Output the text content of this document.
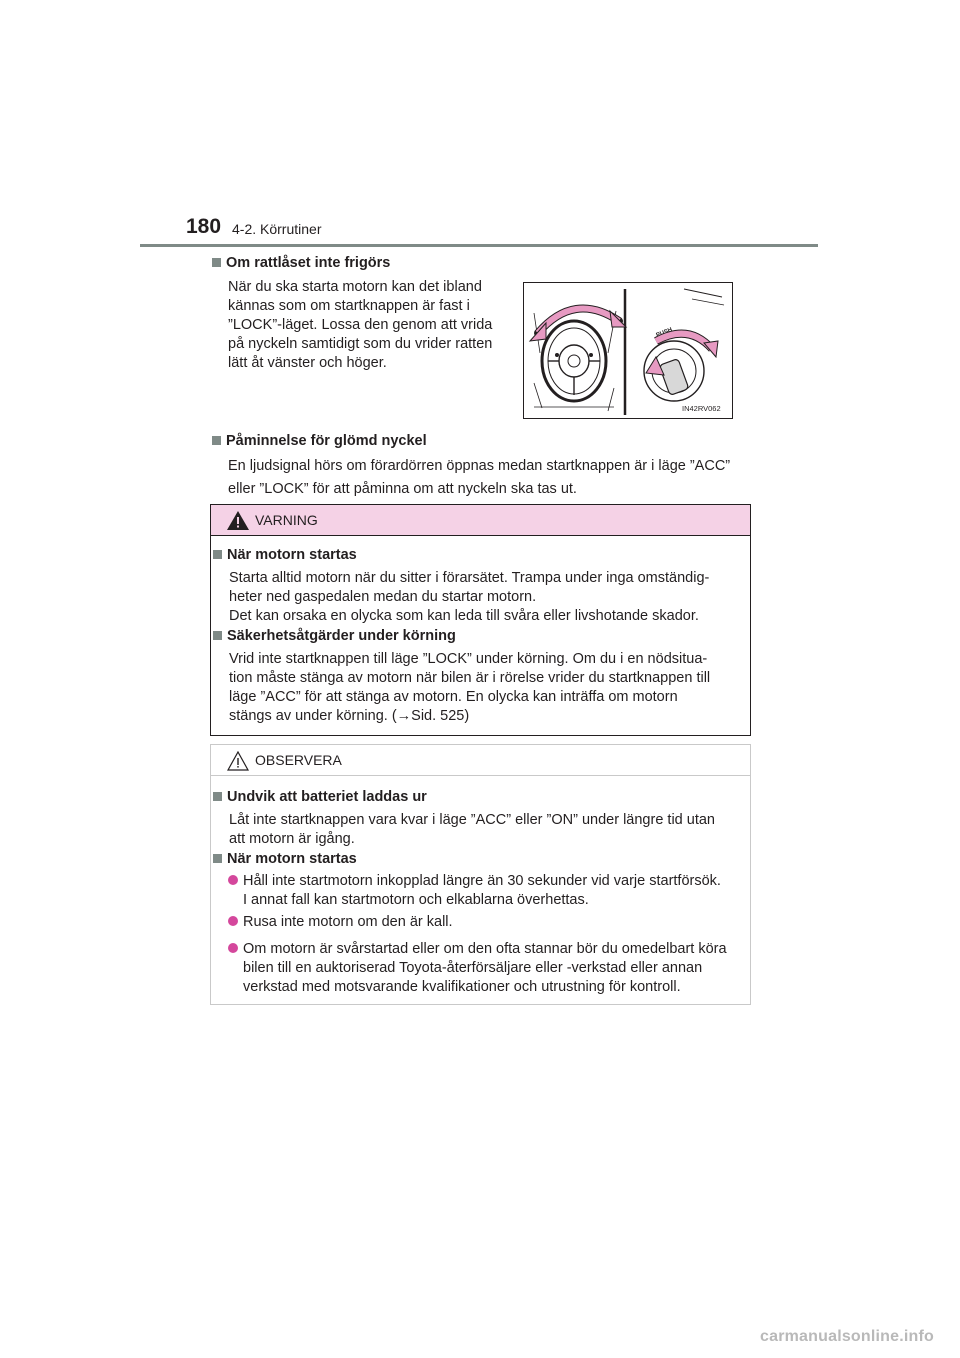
180 4-2. Körrutiner
Om rattlåset inte frigörs
När du ska starta motorn kan det ibland
kännas som om startknappen är fast i
”LOCK”-läget. Lossa den genom att vrida
på nyckeln samtidigt som du vrider ratten
lätt åt vänster och höger.
PUSH
IN42RV062
Påminnelse för glömd nyckel
En ljudsignal hörs om förardörren öppnas medan startknappen är i läge ”ACC”
eller ”LOCK” för att påminna om att nyckeln ska tas ut.
VARNING
När motorn startas
Starta alltid motorn när du sitter i förarsätet. Trampa under inga omständig-
heter ned gaspedalen medan du startar motorn.
Det kan orsaka en olycka som kan leda till svåra eller livshotande skador.
Säkerhetsåtgärder under körning
Vrid inte startknappen till läge ”LOCK” under körning. Om du i en nödsitua-
tion måste stänga av motorn när bilen är i rörelse vrider du startknappen till
läge ”ACC” för att stänga av motorn. En olycka kan inträffa om motorn
stängs av under körning. (→Sid. 525)
OBSERVERA
Undvik att batteriet laddas ur
Låt inte startknappen vara kvar i läge ”ACC” eller ”ON” under längre tid utan
att motorn är igång.
När motorn startas
Håll inte startmotorn inkopplad längre än 30 sekunder vid varje startförsök.
I annat fall kan startmotorn och elkablarna överhettas.
Rusa inte motorn om den är kall.
Om motorn är svårstartad eller om den ofta stannar bör du omedelbart köra
bilen till en auktoriserad Toyota-återförsäljare eller -verkstad eller annan
verkstad med motsvarande kvalifikationer och utrustning för kontroll.
carmanualsonline.info
